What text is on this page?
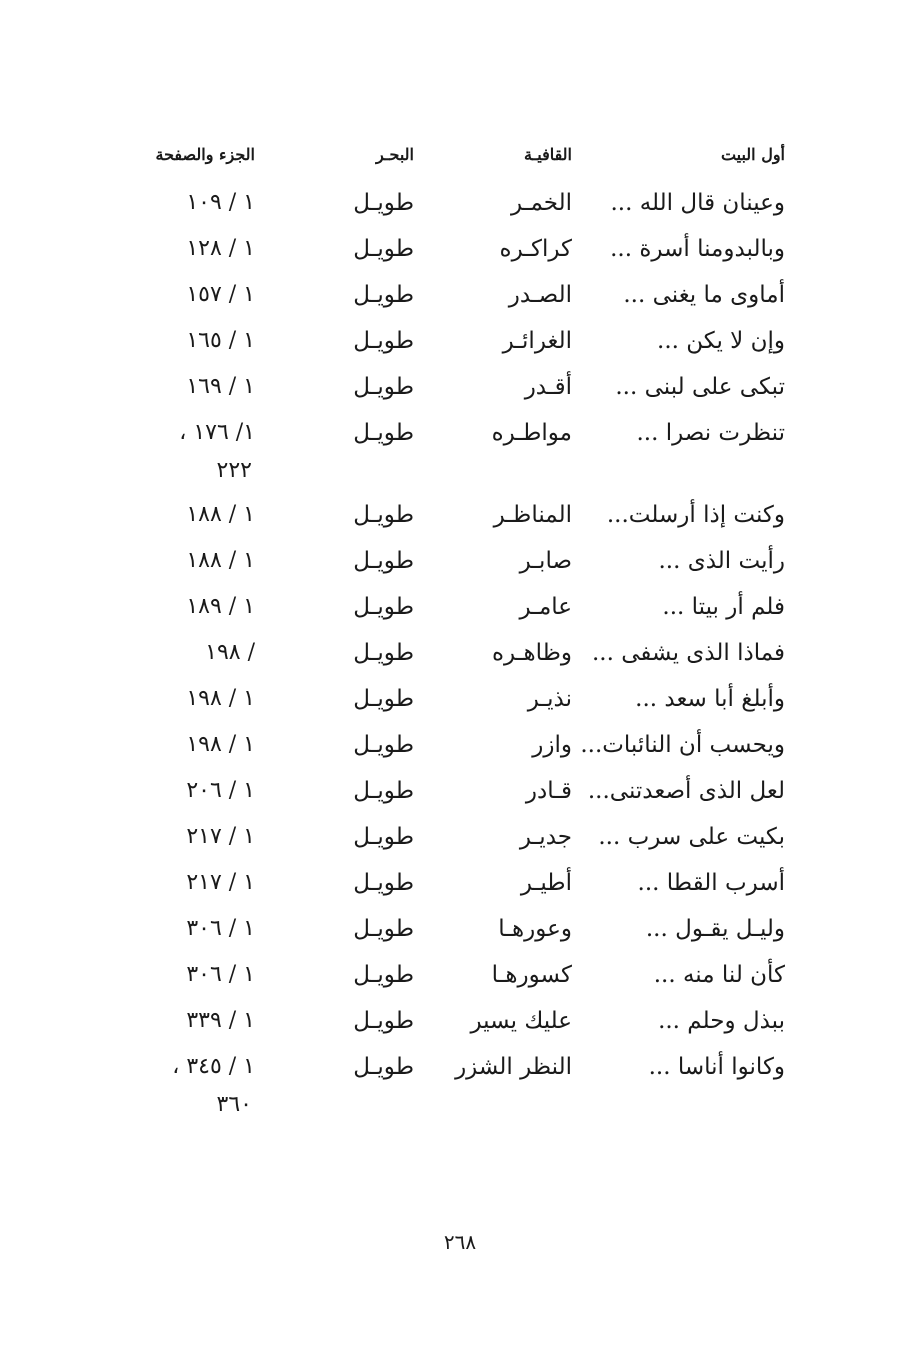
أول البيت
القافيـة
البحـر
الجزء والصفحة
وعينان قال الله ...
الخمـر
طويـل
١ / ١٠٩
وبالبدومنا أسرة ...
كراكـره
طويـل
١ / ١٢٨
أماوى ما يغنى ...
الصـدر
طويـل
١ / ١٥٧
وإن لا يكن ...
الغرائـر
طويـل
١ / ١٦٥
تبكى على لبنى ...
أقـدر
طويـل
١ / ١٦٩
تنظرت نصرا ...
مواطـره
طويـل
١/ ١٧٦ ،
٢٢٢
وكنت إذا أرسلت...
المناظـر
طويـل
١ / ١٨٨
رأيت الذى ...
صابـر
طويـل
١ / ١٨٨
فلم أر بيتا ...
عامـر
طويـل
١ / ١٨٩
فماذا الذى يشفى ...
وظاهـره
طويـل
/ ١٩٨
وأبلغ أبا سعد ...
نذيـر
طويـل
١ / ١٩٨
ويحسب أن النائبات...
وازر
طويـل
١ / ١٩٨
لعل الذى أصعدتنى...
قـادر
طويـل
١ / ٢٠٦
بكيت على سرب ...
جديـر
طويـل
١ / ٢١٧
أسرب القطا ...
أطيـر
طويـل
١ / ٢١٧
وليـل يقـول ...
وعورهـا
طويـل
١ / ٣٠٦
كأن لنا منه ...
كسورهـا
طويـل
١ / ٣٠٦
ببذل وحلم ...
عليك يسير
طويـل
١ / ٣٣٩
وكانوا أناسا ...
النظر الشزر
طويـل
١ / ٣٤٥ ،
٣٦٠
٢٦٨
